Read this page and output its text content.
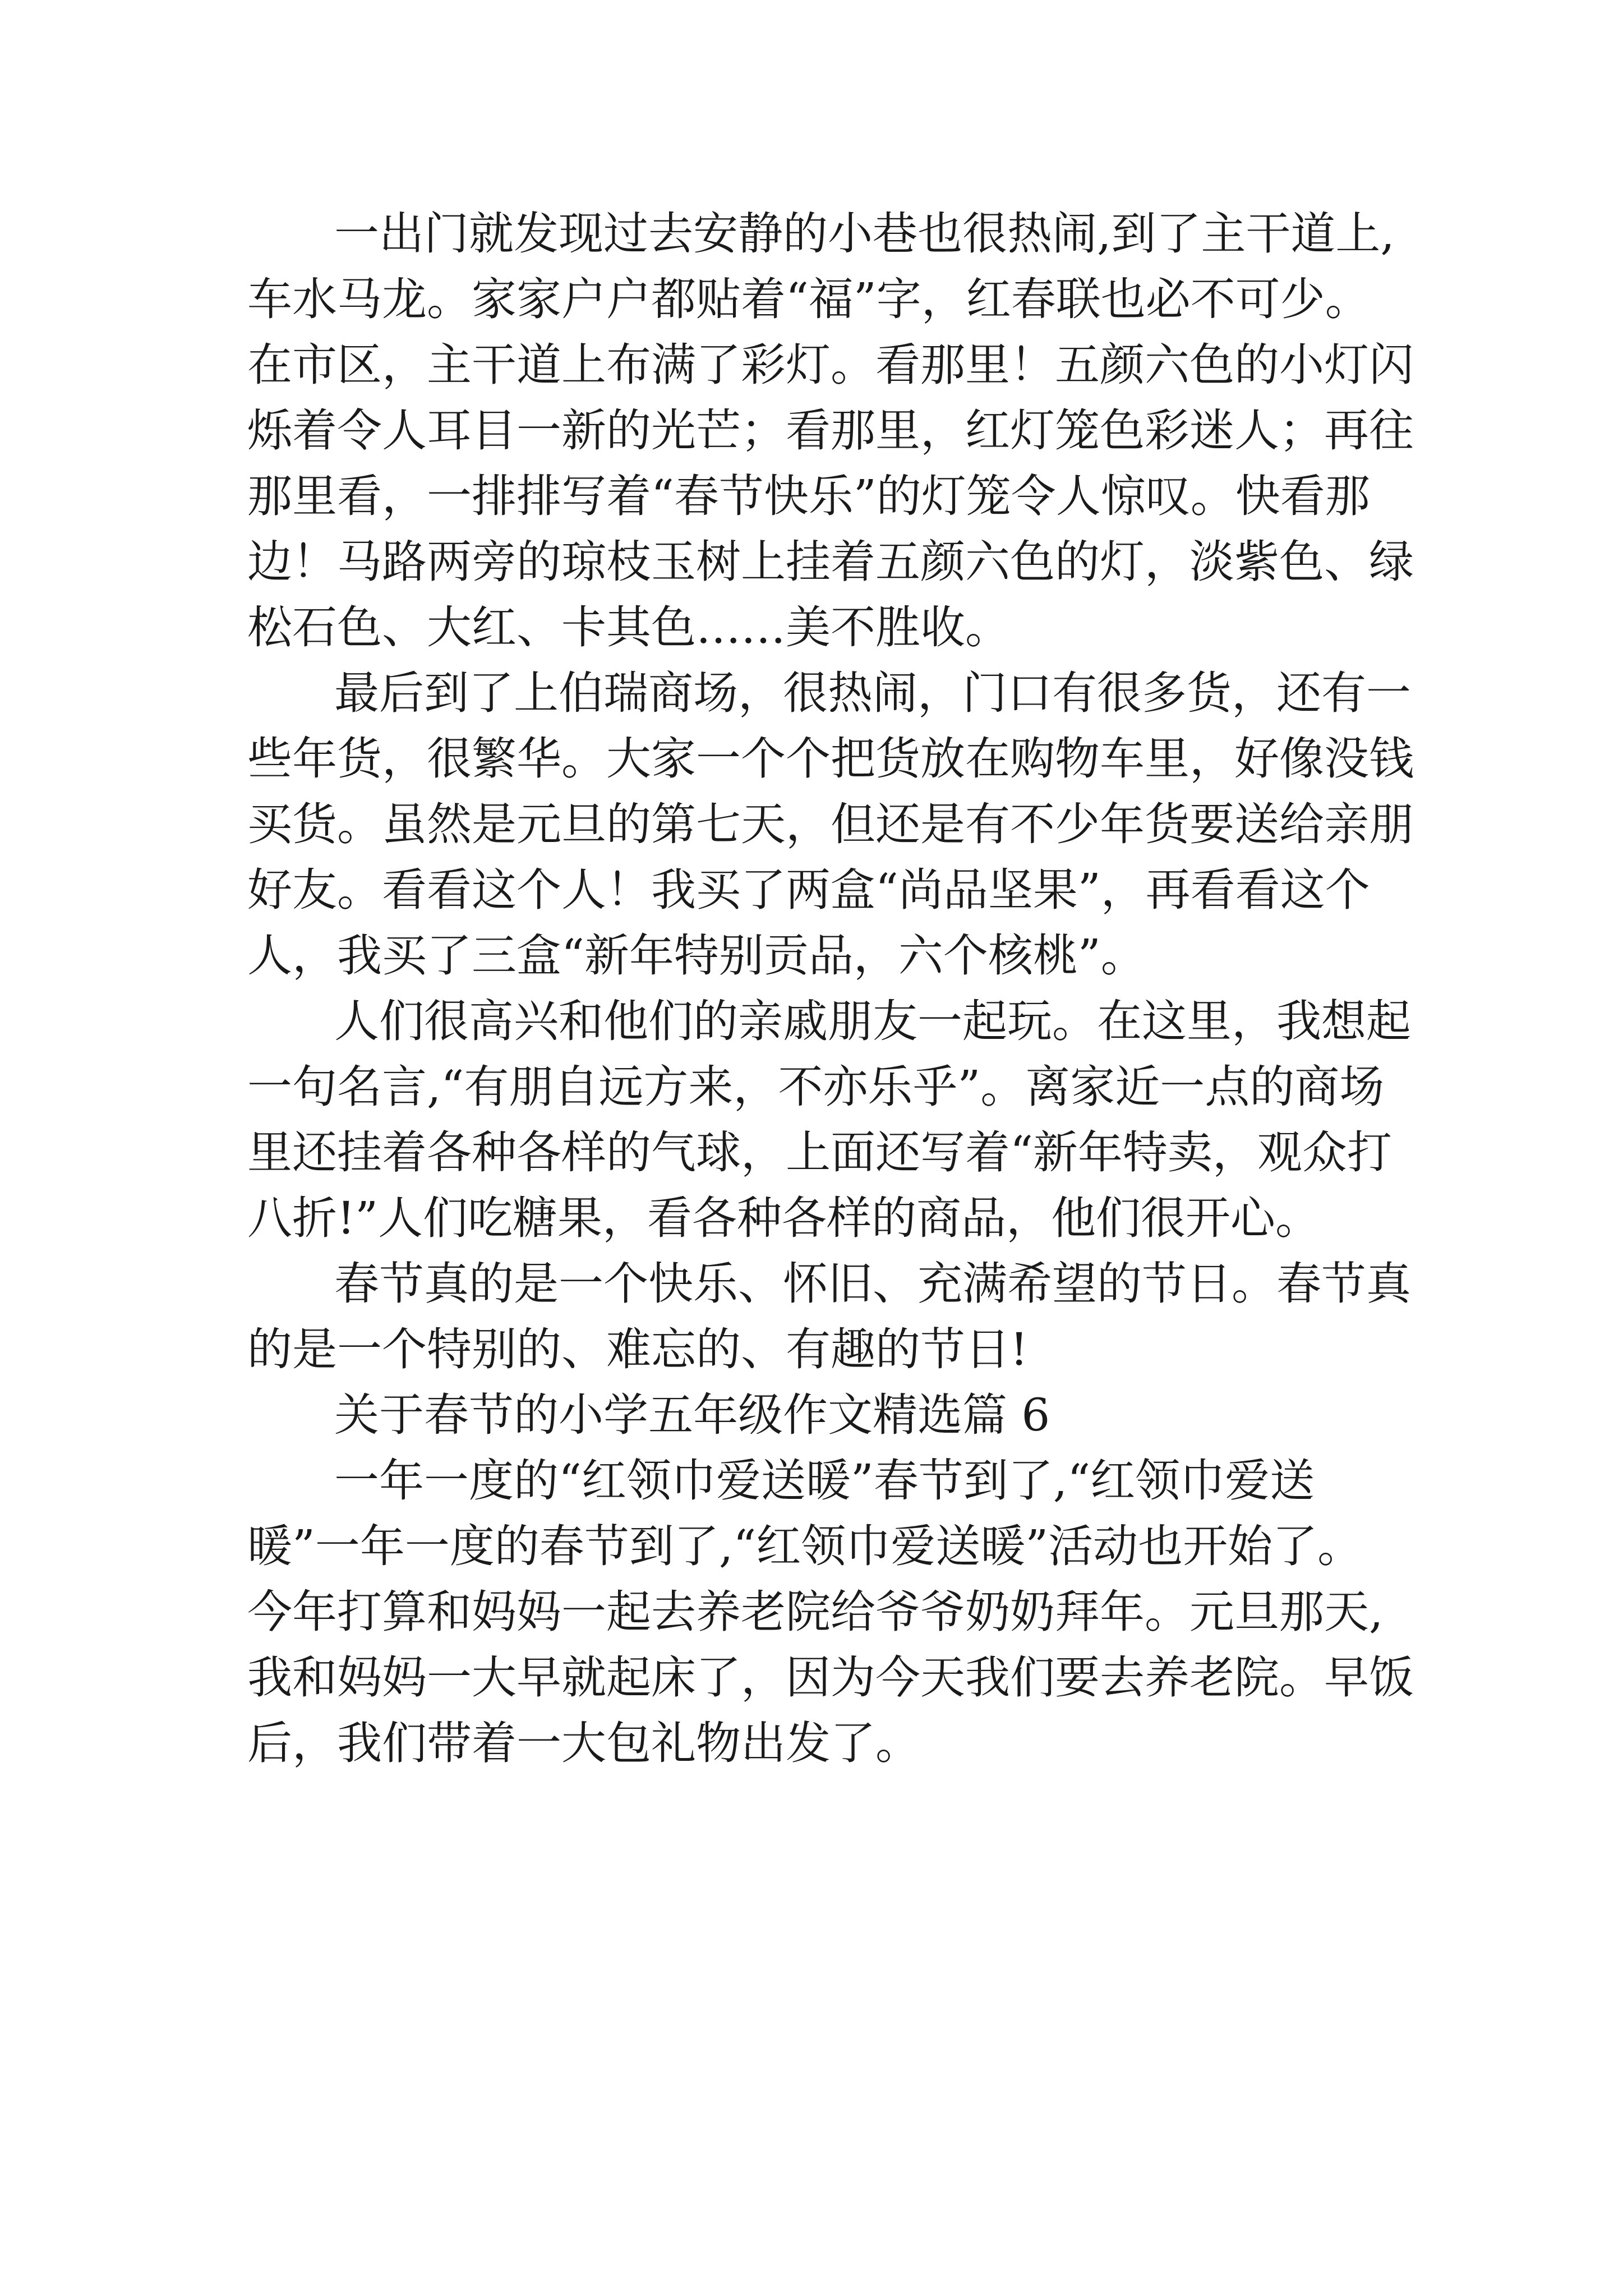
一出门就发现过去安静的小巷也很热闹,到了主干道上,
车水马龙。家家户户都贴着“福”字，红春联也必不可少。
在市区，主干道上布满了彩灯。看那里！五颜六色的小灯闪
烁着令人耳目一新的光芒；看那里，红灯笼色彩迷人；再往
那里看，一排排写着“春节快乐”的灯笼令人惊叹。快看那
边！马路两旁的琼枝玉树上挂着五颜六色的灯，淡紫色、绿
松石色、大红、卡其色……美不胜收。
最后到了上伯瑞商场，很热闹，门口有很多货，还有一
些年货，很繁华。大家一个个把货放在购物车里，好像没钱
买货。虽然是元旦的第七天，但还是有不少年货要送给亲朋
好友。看看这个人！我买了两盒“尚品坚果”，再看看这个
人，我买了三盒“新年特别贡品，六个核桃”。
人们很高兴和他们的亲戚朋友一起玩。在这里，我想起
一句名言,“有朋自远方来，不亦乐乎”。离家近一点的商场
里还挂着各种各样的气球，上面还写着“新年特卖，观众打
八折!”人们吃糖果，看各种各样的商品，他们很开心。
春节真的是一个快乐、怀旧、充满希望的节日。春节真
的是一个特别的、难忘的、有趣的节日!
关于春节的小学五年级作文精选篇 6
一年一度的“红领巾爱送暖”春节到了,“红领巾爱送
暖”一年一度的春节到了,“红领巾爱送暖”活动也开始了。
今年打算和妈妈一起去养老院给爷爷奶奶拜年。元旦那天,
我和妈妈一大早就起床了，因为今天我们要去养老院。早饭
后，我们带着一大包礼物出发了。
